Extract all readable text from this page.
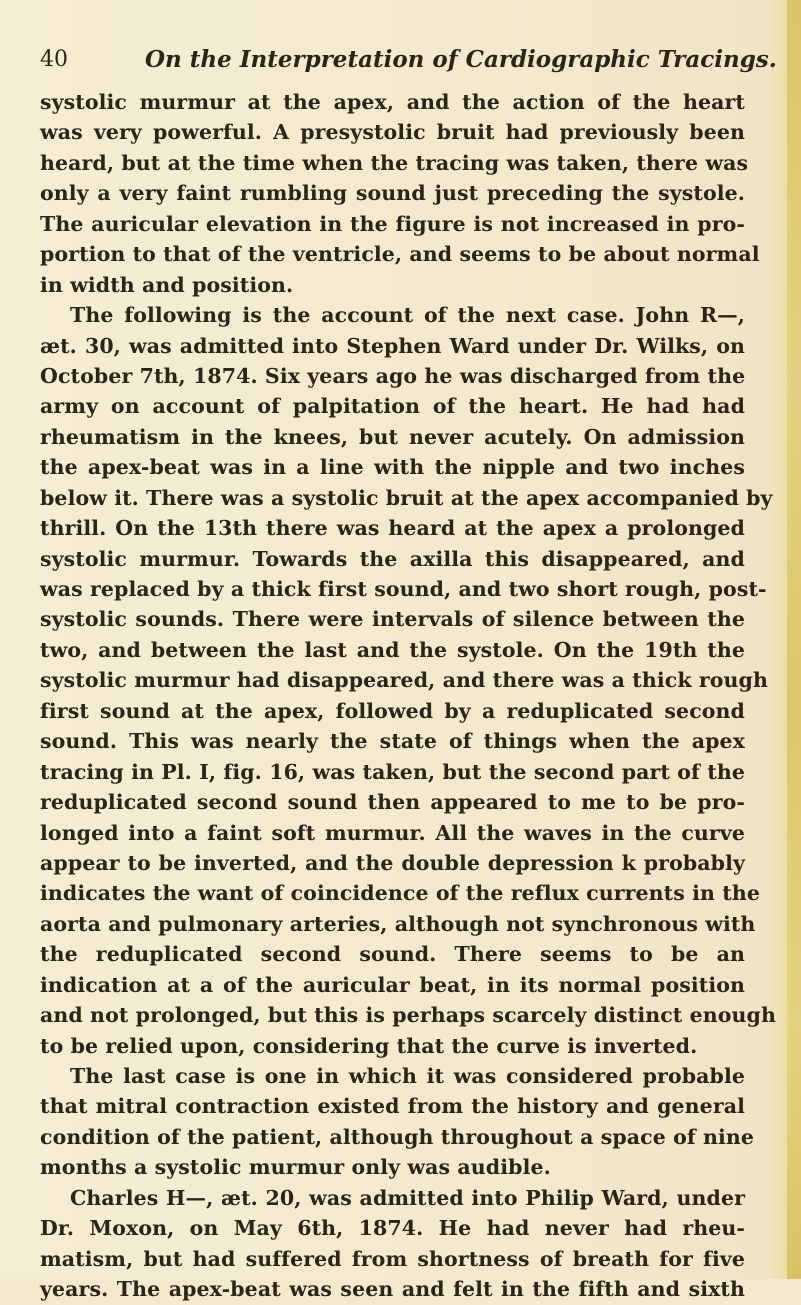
40	On the Interpretation of Cardiographic Tracings.
systolic murmur at the apex, and the action of the heart
was very powerful. A presystolic bruit had previously been
heard, but at the time when the tracing was taken, there was
only a very faint rumbling sound just preceding the systole.
The auricular elevation in the figure is not increased in pro-
portion to that of the ventricle, and seems to be about normal
in width and position.
The following is the account of the next case. John R—,
æt. 30, was admitted into Stephen Ward under Dr. Wilks, on
October 7th, 1874. Six years ago he was discharged from the
army on account of palpitation of the heart. He had had
rheumatism in the knees, but never acutely. On admission
the apex-beat was in a line with the nipple and two inches
below it. There was a systolic bruit at the apex accompanied by
thrill. On the 13th there was heard at the apex a prolonged
systolic murmur. Towards the axilla this disappeared, and
was replaced by a thick first sound, and two short rough, post-
systolic sounds. There were intervals of silence between the
two, and between the last and the systole. On the 19th the
systolic murmur had disappeared, and there was a thick rough
first sound at the apex, followed by a reduplicated second
sound. This was nearly the state of things when the apex
tracing in Pl. I, fig. 16, was taken, but the second part of the
reduplicated second sound then appeared to me to be pro-
longed into a faint soft murmur. All the waves in the curve
appear to be inverted, and the double depression k probably
indicates the want of coincidence of the reflux currents in the
aorta and pulmonary arteries, although not synchronous with
the reduplicated second sound. There seems to be an
indication at a of the auricular beat, in its normal position
and not prolonged, but this is perhaps scarcely distinct enough
to be relied upon, considering that the curve is inverted.
The last case is one in which it was considered probable
that mitral contraction existed from the history and general
condition of the patient, although throughout a space of nine
months a systolic murmur only was audible.
Charles H—, æt. 20, was admitted into Philip Ward, under
Dr. Moxon, on May 6th, 1874. He had never had rheu-
matism, but had suffered from shortness of breath for five
years. The apex-beat was seen and felt in the fifth and sixth
